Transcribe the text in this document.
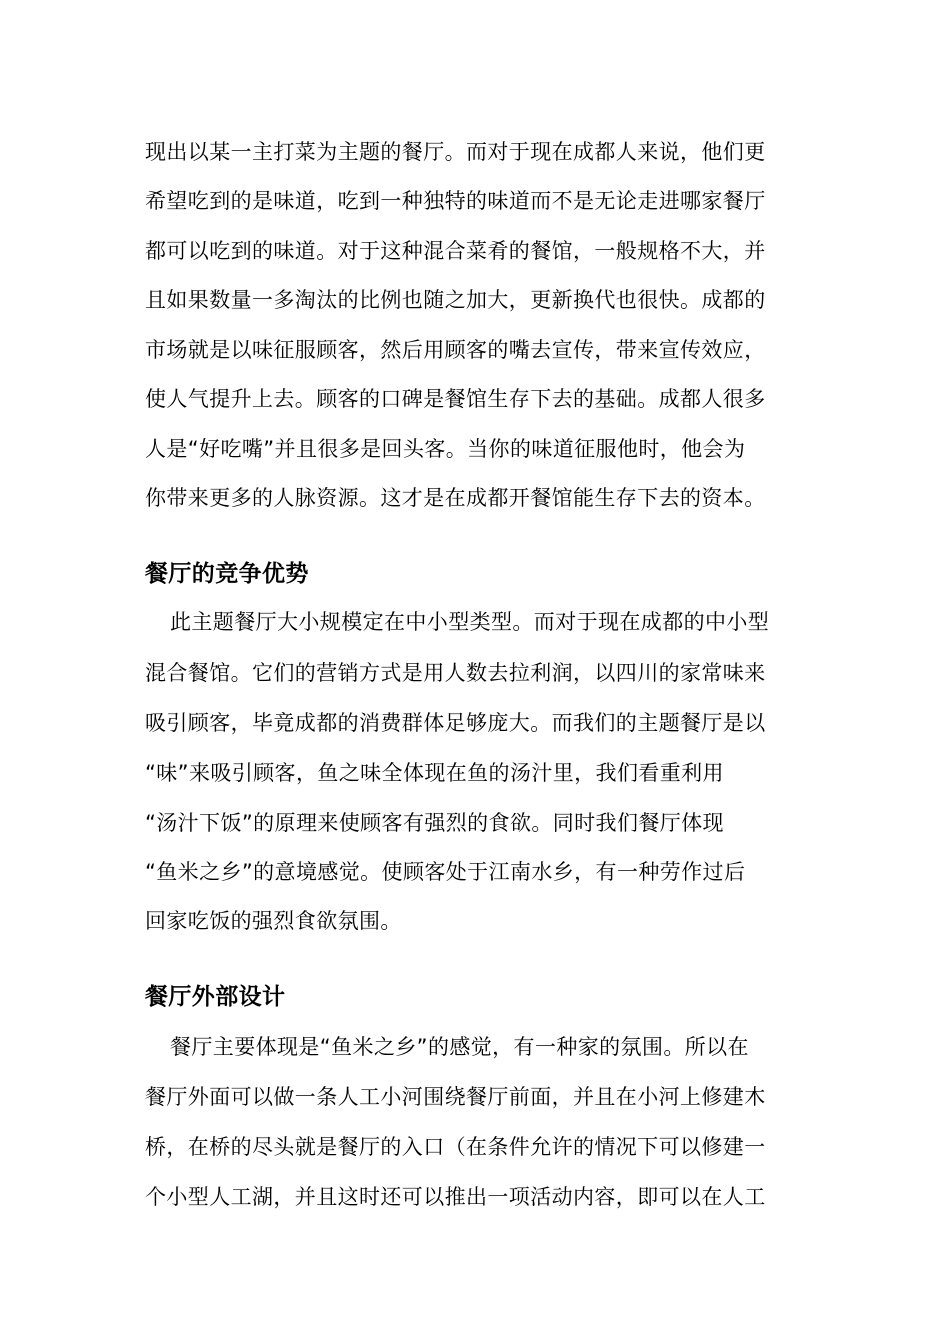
现出以某一主打菜为主题的餐厅。而对于现在成都人来说，他们更
希望吃到的是味道，吃到一种独特的味道而不是无论走进哪家餐厅
都可以吃到的味道。对于这种混合菜肴的餐馆，一般规格不大，并
且如果数量一多淘汰的比例也随之加大，更新换代也很快。成都的
市场就是以味征服顾客，然后用顾客的嘴去宣传，带来宣传效应，
使人气提升上去。顾客的口碑是餐馆生存下去的基础。成都人很多
人是“好吃嘴”并且很多是回头客。当你的味道征服他时，他会为
你带来更多的人脉资源。这才是在成都开餐馆能生存下去的资本。
餐厅的竞争优势
此主题餐厅大小规模定在中小型类型。而对于现在成都的中小型
混合餐馆。它们的营销方式是用人数去拉利润，以四川的家常味来
吸引顾客，毕竟成都的消费群体足够庞大。而我们的主题餐厅是以
“味”来吸引顾客，鱼之味全体现在鱼的汤汁里，我们看重利用
“汤汁下饭”的原理来使顾客有强烈的食欲。同时我们餐厅体现
“鱼米之乡”的意境感觉。使顾客处于江南水乡，有一种劳作过后
回家吃饭的强烈食欲氛围。
餐厅外部设计
餐厅主要体现是“鱼米之乡”的感觉，有一种家的氛围。所以在
餐厅外面可以做一条人工小河围绕餐厅前面，并且在小河上修建木
桥，在桥的尽头就是餐厅的入口（在条件允许的情况下可以修建一
个小型人工湖，并且这时还可以推出一项活动内容，即可以在人工
